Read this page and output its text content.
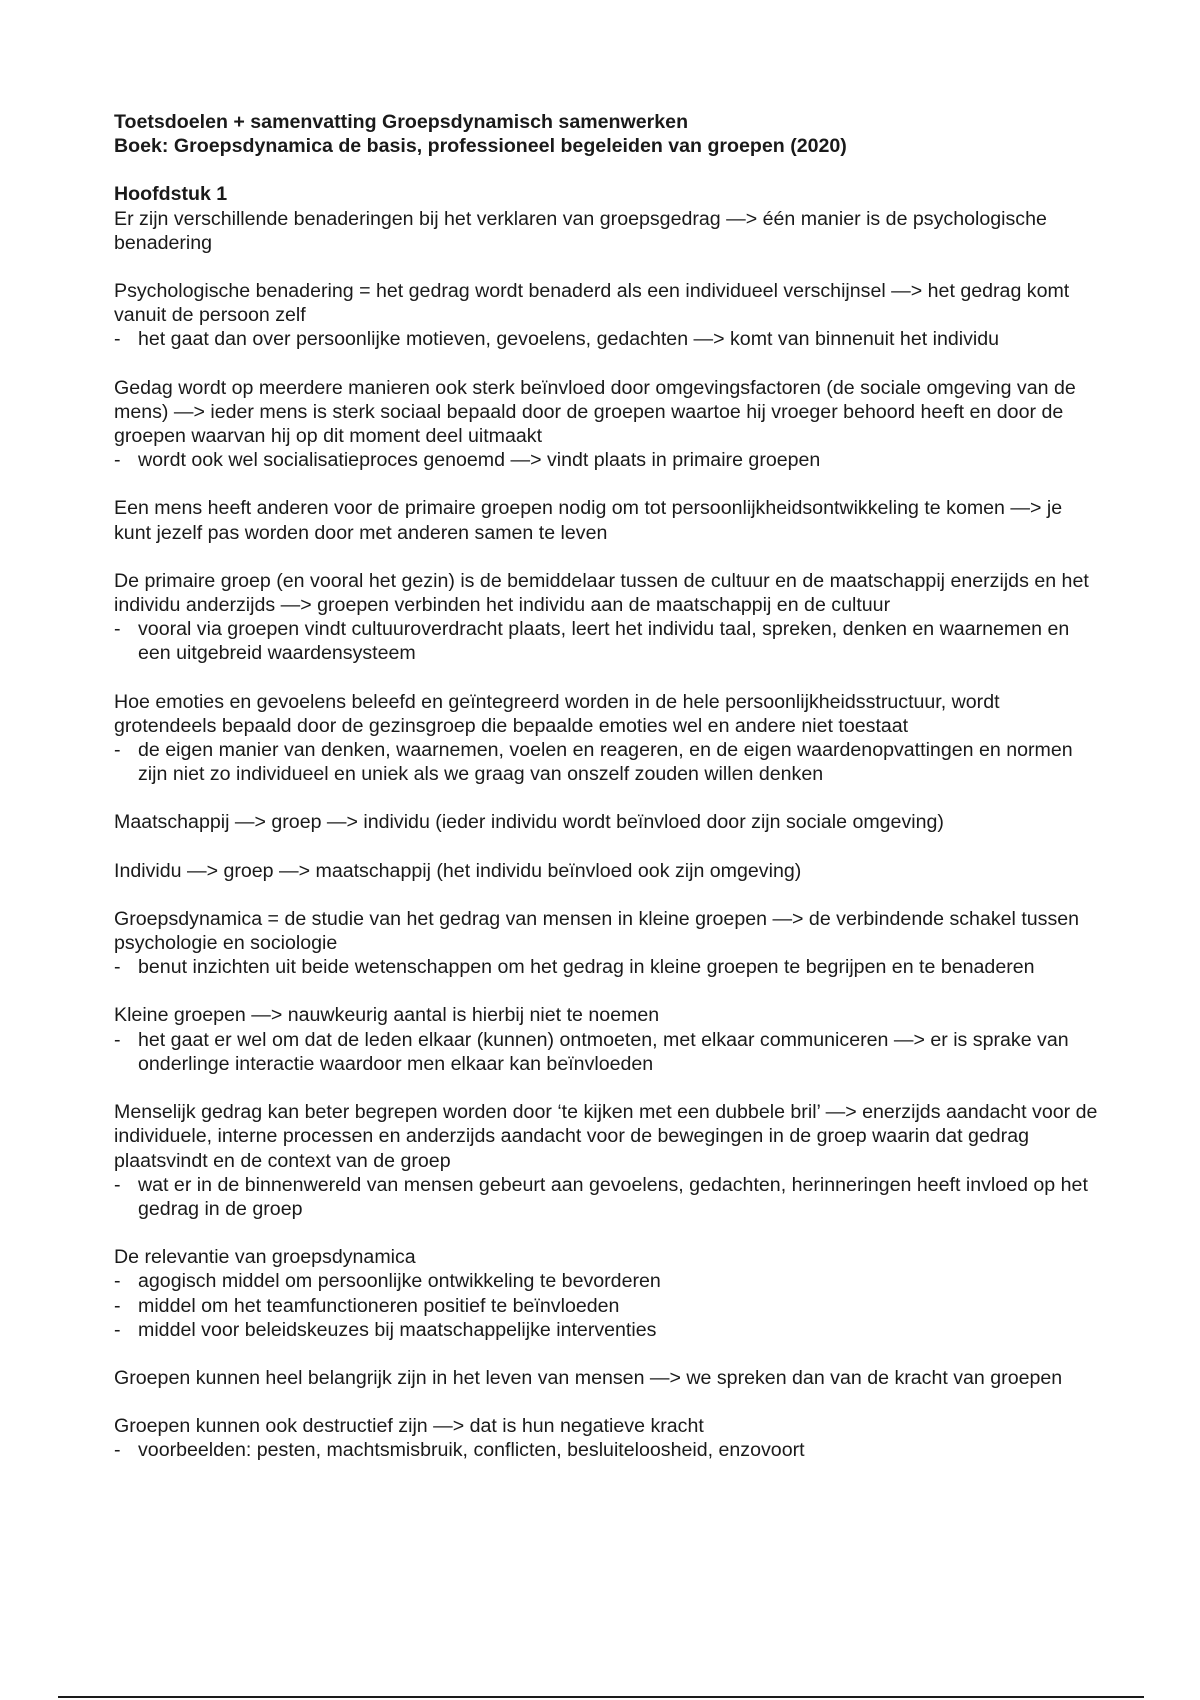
Toetsdoelen + samenvatting Groepsdynamisch samenwerken

Boek: Groepsdynamica de basis, professioneel begeleiden van groepen (2020)

Hoofdstuk 1

Er zijn verschillende benaderingen bij het verklaren van groepsgedrag —> één manier is de psychologische benadering

Psychologische benadering = het gedrag wordt benaderd als een individueel verschijnsel —> het gedrag komt vanuit de persoon zelf

- het gaat dan over persoonlijke motieven, gevoelens, gedachten —> komt van binnenuit het individu

Gedag wordt op meerdere manieren ook sterk beïnvloed door omgevingsfactoren (de sociale omgeving van de mens) —> ieder mens is sterk sociaal bepaald door de groepen waartoe hij vroeger behoord heeft en door de groepen waarvan hij op dit moment deel uitmaakt

- wordt ook wel socialisatieproces genoemd —> vindt plaats in primaire groepen

Een mens heeft anderen voor de primaire groepen nodig om tot persoonlijkheidsontwikkeling te komen —> je kunt jezelf pas worden door met anderen samen te leven

De primaire groep (en vooral het gezin) is de bemiddelaar tussen de cultuur en de maatschappij enerzijds en het individu anderzijds —> groepen verbinden het individu aan de maatschappij en de cultuur

- vooral via groepen vindt cultuuroverdracht plaats, leert het individu taal, spreken, denken en waarnemen en een uitgebreid waardensysteem

Hoe emoties en gevoelens beleefd en geïntegreerd worden in de hele persoonlijkheidsstructuur, wordt grotendeels bepaald door de gezinsgroep die bepaalde emoties wel en andere niet toestaat

- de eigen manier van denken, waarnemen, voelen en reageren, en de eigen waardenopvattingen en normen zijn niet zo individueel en uniek als we graag van onszelf zouden willen denken

Maatschappij —> groep —> individu (ieder individu wordt beïnvloed door zijn sociale omgeving)

Individu —> groep —> maatschappij (het individu beïnvloed ook zijn omgeving)

Groepsdynamica = de studie van het gedrag van mensen in kleine groepen —> de verbindende schakel tussen psychologie en sociologie

- benut inzichten uit beide wetenschappen om het gedrag in kleine groepen te begrijpen en te benaderen

Kleine groepen —> nauwkeurig aantal is hierbij niet te noemen

- het gaat er wel om dat de leden elkaar (kunnen) ontmoeten, met elkaar communiceren —> er is sprake van onderlinge interactie waardoor men elkaar kan beïnvloeden

Menselijk gedrag kan beter begrepen worden door ‘te kijken met een dubbele bril’ —> enerzijds aandacht voor de individuele, interne processen en anderzijds aandacht voor de bewegingen in de groep waarin dat gedrag plaatsvindt en de context van de groep

- wat er in de binnenwereld van mensen gebeurt aan gevoelens, gedachten, herinneringen heeft invloed op het gedrag in de groep

De relevantie van groepsdynamica

- agogisch middel om persoonlijke ontwikkeling te bevorderen
- middel om het teamfunctioneren positief te beïnvloeden
- middel voor beleidskeuzes bij maatschappelijke interventies

Groepen kunnen heel belangrijk zijn in het leven van mensen —> we spreken dan van de kracht van groepen

Groepen kunnen ook destructief zijn —> dat is hun negatieve kracht

- voorbeelden: pesten, machtsmisbruik, conflicten, besluiteloosheid, enzovoort
